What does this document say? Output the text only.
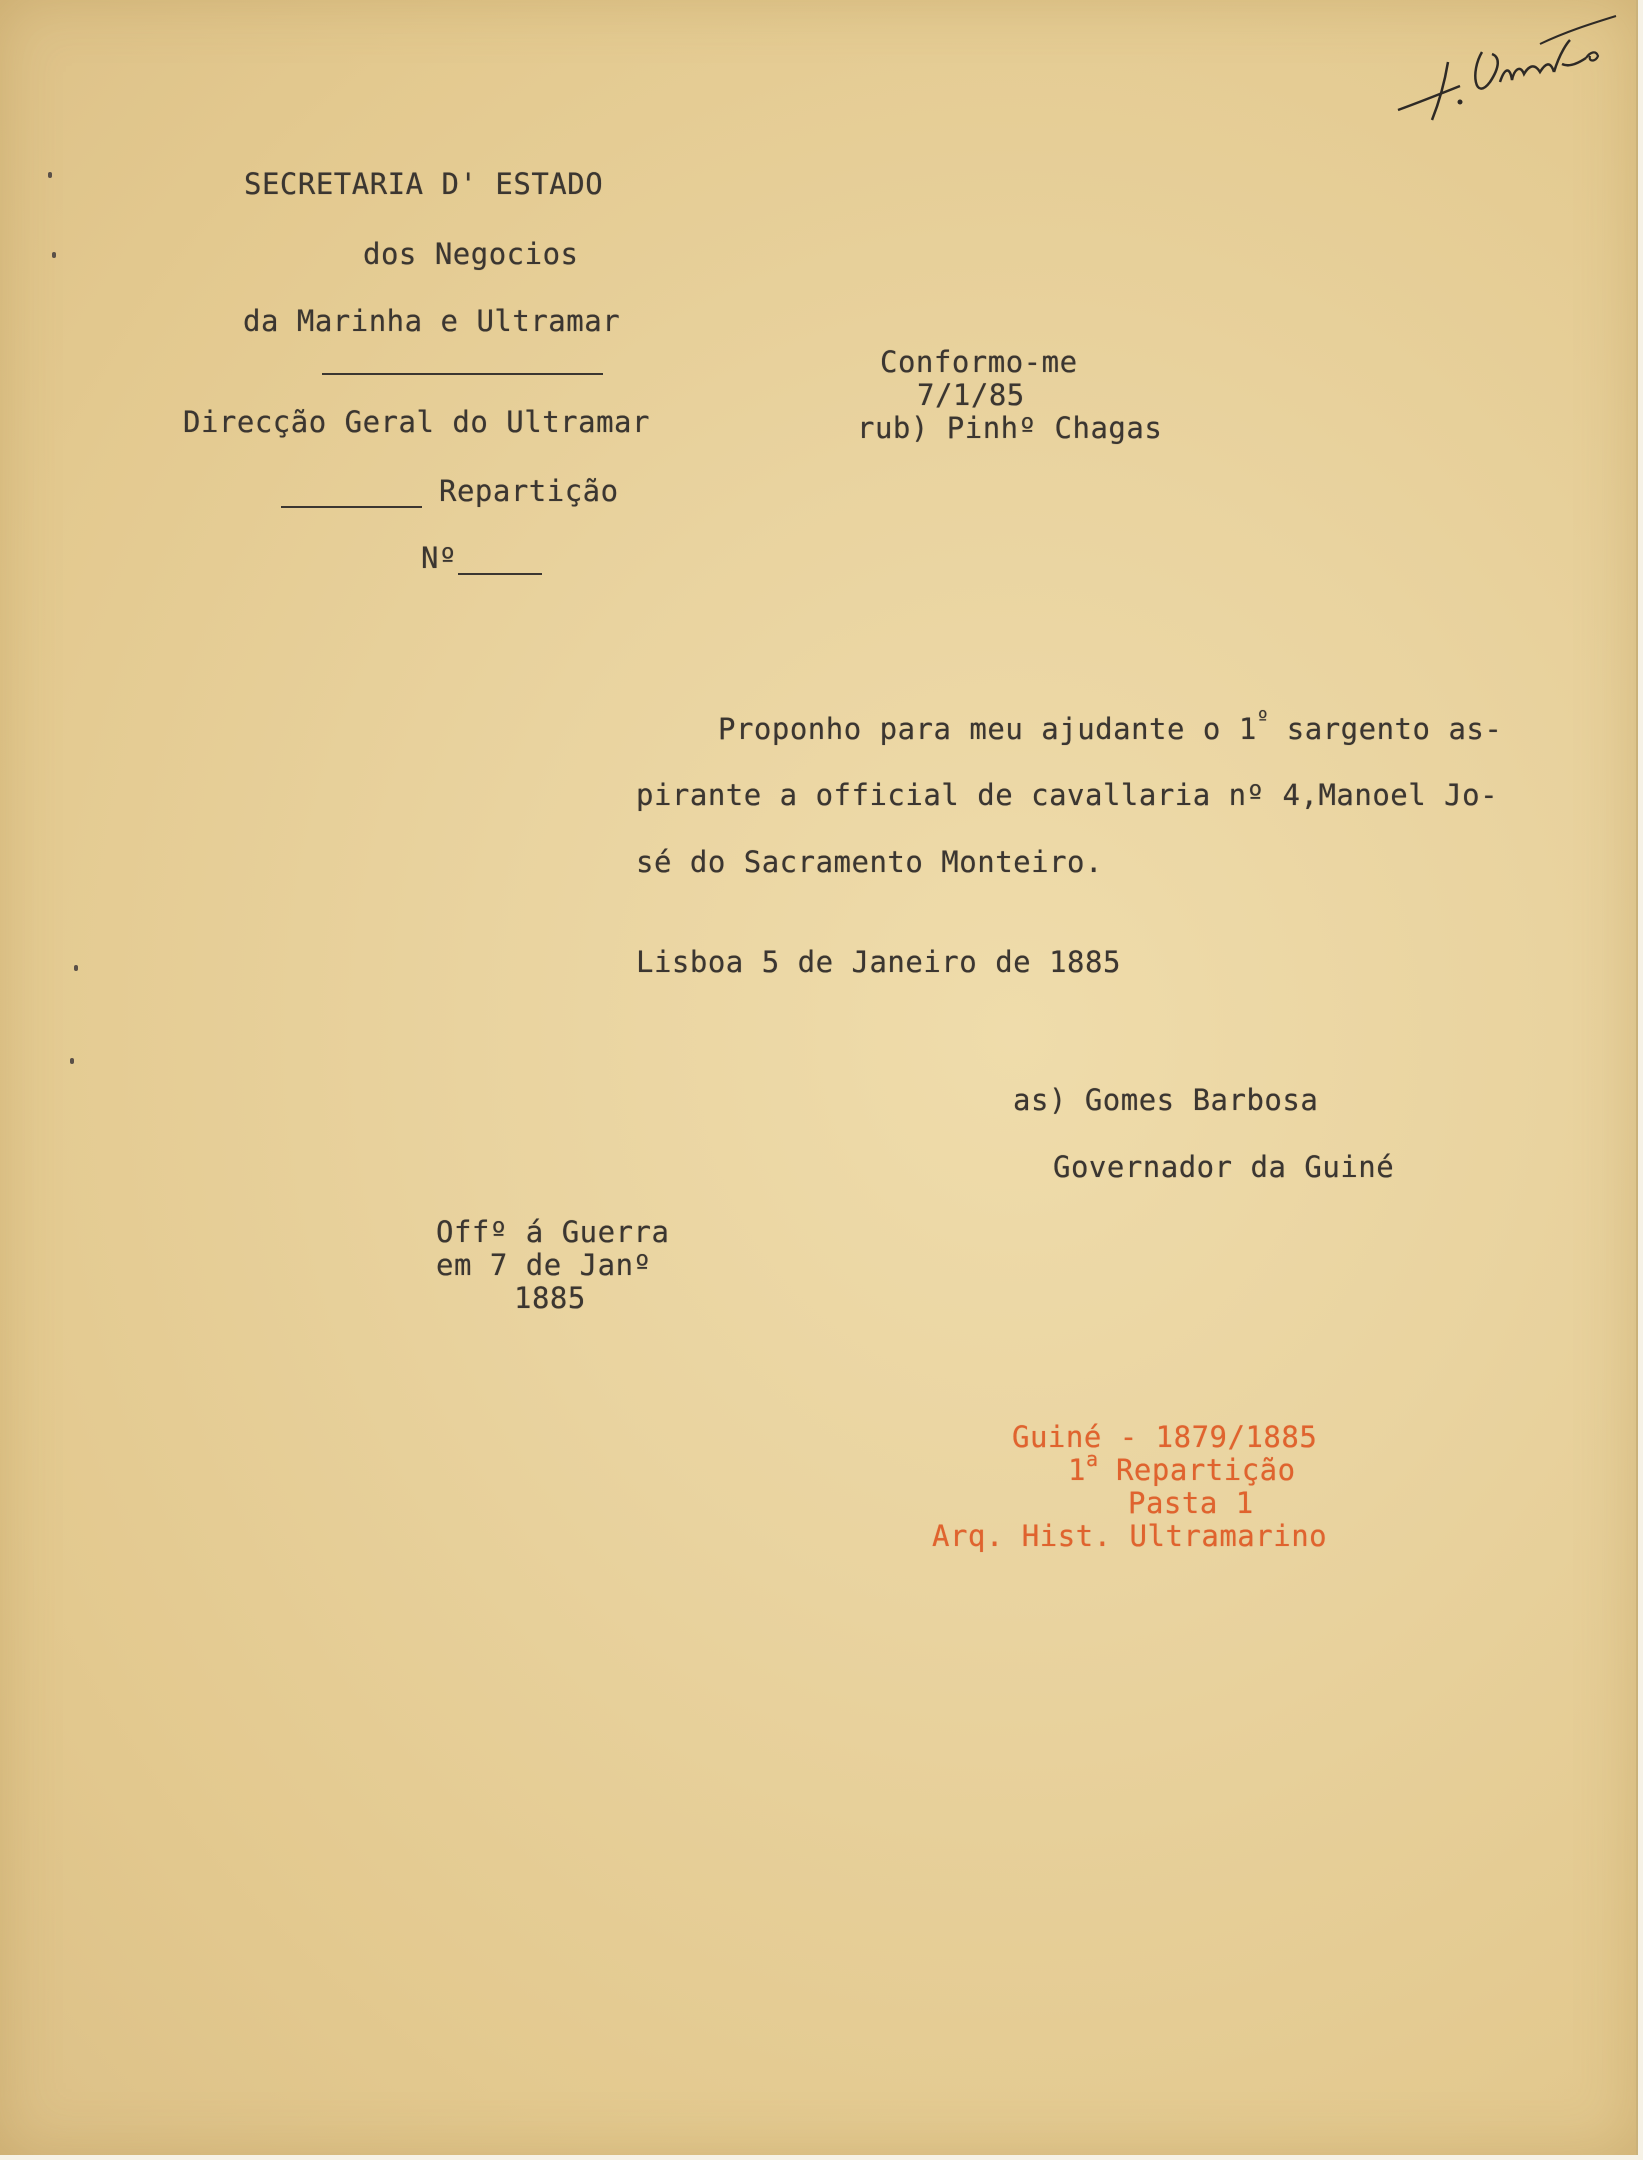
SECRETARIA D' ESTADO
dos Negocios
da Marinha e Ultramar
Direcção Geral do Ultramar
Repartição
Nº
Conformo-me
7/1/85
rub) Pinhº Chagas
Proponho para meu ajudante o $1^º$ sargento as-
pirante a official de cavallaria nº 4,Manoel Jo-
sé do Sacramento Monteiro.
Lisboa 5 de Janeiro de 1885
as) Gomes Barbosa
Governador da Guiné
Offº á Guerra
em 7 de Janº
1885
Guiné - 1879/1885
1$^a$ Repartição
Pasta 1
Arq. Hist. Ultramarino
